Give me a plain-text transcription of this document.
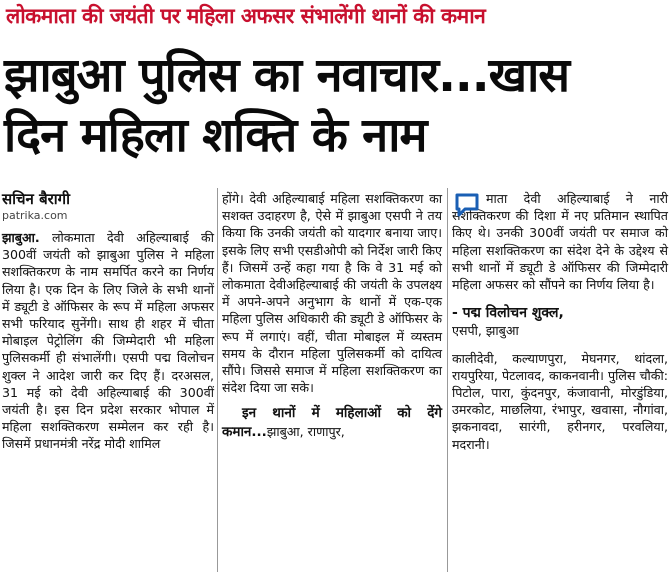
लोकमाता की जयंती पर महिला अफसर संभालेंगी थानों की कमान
झाबुआ पुलिस का नवाचार...खास
दिन महिला शक्ति के नाम
सचिन बैरागी
patrika.com

झाबुआ. लोकमाता देवी अहिल्याबाई की 300वीं जयंती को झाबुआ पुलिस ने महिला सशक्तिकरण के नाम समर्पित करने का निर्णय लिया है। एक दिन के लिए जिले के सभी थानों में ड्यूटी डे ऑफिसर के रूप में महिला अफसर सभी फरियाद सुनेंगी। साथ ही शहर में चीता मोबाइल पेट्रोलिंग की जिम्मेदारी भी महिला पुलिसकर्मी ही संभालेंगी। एसपी पद्म विलोचन शुक्ल ने आदेश जारी कर दिए हैं। दरअसल, 31 मई को देवी अहिल्याबाई की 300वीं जयंती है। इस दिन प्रदेश सरकार भोपाल में महिला सशक्तिकरण सम्मेलन कर रही है। जिसमें प्रधानमंत्री नरेंद्र मोदी शामिल

होंगे। देवी अहिल्याबाई महिला सशक्तिकरण का सशक्त उदाहरण है, ऐसे में झाबुआ एसपी ने तय किया कि उनकी जयंती को यादगार बनाया जाए। इसके लिए सभी एसडीओपी को निर्देश जारी किए हैं। जिसमें उन्हें कहा गया है कि वे 31 मई को लोकमाता देवीअहिल्याबाई की जयंती के उपलक्ष्य में अपने-अपने अनुभाग के थानों में एक-एक महिला पुलिस अधिकारी की ड्यूटी डे ऑफिसर के रूप में लगाएं। वहीं, चीता मोबाइल में व्यस्तम समय के दौरान महिला पुलिसकर्मी को दायित्व सौंपे। जिससे समाज में महिला सशक्तिकरण का संदेश दिया जा सके।

इन थानों में महिलाओं को देंगे कमान...झाबुआ, राणापुर,

माता देवी अहिल्याबाई ने नारी सशक्तिकरण की दिशा में नए प्रतिमान स्थापित किए थे। उनकी 300वीं जयंती पर समाज को महिला सशक्तिकरण का संदेश देने के उद्देश्य से सभी थानों में ड्यूटी डे ऑफिसर की जिम्मेदारी महिला अफसर को सौंपने का निर्णय लिया है।

- पद्म विलोचन शुक्ल,
एसपी, झाबुआ

कालीदेवी, कल्याणपुरा, मेघनगर, थांदला, रायपुरिया, पेटलावद, काकनवानी। पुलिस चौकी: पिटोल, पारा, कुंदनपुर, कंजावानी, मोरडुंडिया, उमरकोट, माछलिया, रंभापुर, खवासा, नौगांवा, झकनावदा, सारंगी, हरीनगर, परवलिया, मदरानी।
